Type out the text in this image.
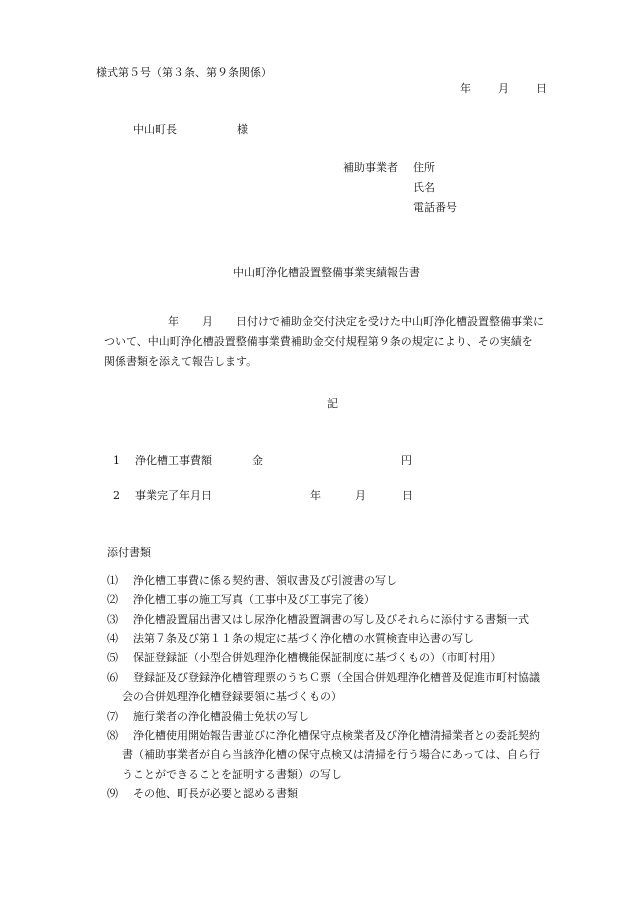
様式第５号（第３条、第９条関係）
年 月 日
中山町長	様
補助事業者 住所
氏名
電話番号
中山町浄化槽設置整備事業実績報告書
年 月 日付けで補助金交付決定を受けた中山町浄化槽設置整備事業に
ついて、中山町浄化槽設置整備事業費補助金交付規程第９条の規定により、その実績を
関係書類を添えて報告します。
記
1 浄化槽工事費額	金	円
2 事業完了年月日	年	月	日
添付書類
⑴	浄化槽工事費に係る契約書、領収書及び引渡書の写し
⑵	浄化槽工事の施工写真（工事中及び工事完了後）
⑶	浄化槽設置届出書又はし尿浄化槽設置調書の写し及びそれらに添付する書類一式
⑷	法第７条及び第１１条の規定に基づく浄化槽の水質検査申込書の写し
⑸	保証登録証（小型合併処理浄化槽機能保証制度に基づくもの）（市町村用）
⑹	登録証及び登録浄化槽管理票のうちＣ票（全国合併処理浄化槽普及促進市町村協議
会の合併処理浄化槽登録要領に基づくもの）
⑺	施行業者の浄化槽設備士免状の写し
⑻	浄化槽使用開始報告書並びに浄化槽保守点検業者及び浄化槽清掃業者との委託契約
書（補助事業者が自ら当該浄化槽の保守点検又は清掃を行う場合にあっては、自ら行
うことができることを証明する書類）の写し
⑼	その他、町長が必要と認める書類
